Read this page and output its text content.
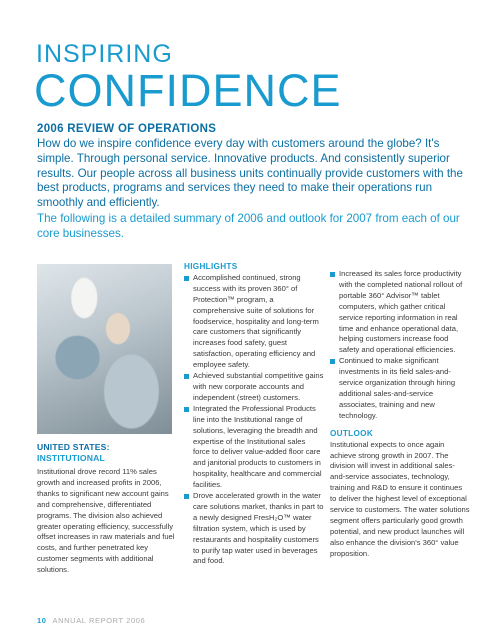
INSPIRING
CONFIDENCE
2006 REVIEW OF OPERATIONS
How do we inspire confidence every day with customers around the globe? It's simple. Through personal service. Innovative products. And consistently superior results. Our people across all business units continually provide customers with the best products, programs and services they need to make their operations run smoothly and efficiently.
The following is a detailed summary of 2006 and outlook for 2007 from each of our core businesses.
UNITED STATES:
INSTITUTIONAL
Institutional drove record 11% sales growth and increased profits in 2006, thanks to significant new account gains and comprehensive, differentiated programs. The division also achieved greater operating efficiency, successfully offset increases in raw materials and fuel costs, and further penetrated key customer segments with additional solutions.
HIGHLIGHTS
Accomplished continued, strong success with its proven 360° of Protection™ program, a comprehensive suite of solutions for foodservice, hospitality and long-term care customers that significantly increases food safety, guest satisfaction, operating efficiency and employee safety.
Achieved substantial competitive gains with new corporate accounts and independent (street) customers.
Integrated the Professional Products line into the Institutional range of solutions, leveraging the breadth and expertise of the Institutional sales force to deliver value-added floor care and janitorial products to customers in hospitality, healthcare and commercial facilities.
Drove accelerated growth in the water care solutions market, thanks in part to a newly designed FresH₂O™ water filtration system, which is used by restaurants and hospitality customers to purify tap water used in beverages and food.
Increased its sales force productivity with the completed national rollout of portable 360° Advisor™ tablet computers, which gather critical service reporting information in real time and enhance operational data, helping customers increase food safety and operational efficiencies.
Continued to make significant investments in its field sales-and-service organization through hiring additional sales-and-service associates, training and new technology.
OUTLOOK
Institutional expects to once again achieve strong growth in 2007. The division will invest in additional sales-and-service associates, technology, training and R&D to ensure it continues to deliver the highest level of exceptional service to customers. The water solutions segment offers particularly good growth potential, and new product launches will also enhance the division's 360° value proposition.
10 ANNUAL REPORT 2006
